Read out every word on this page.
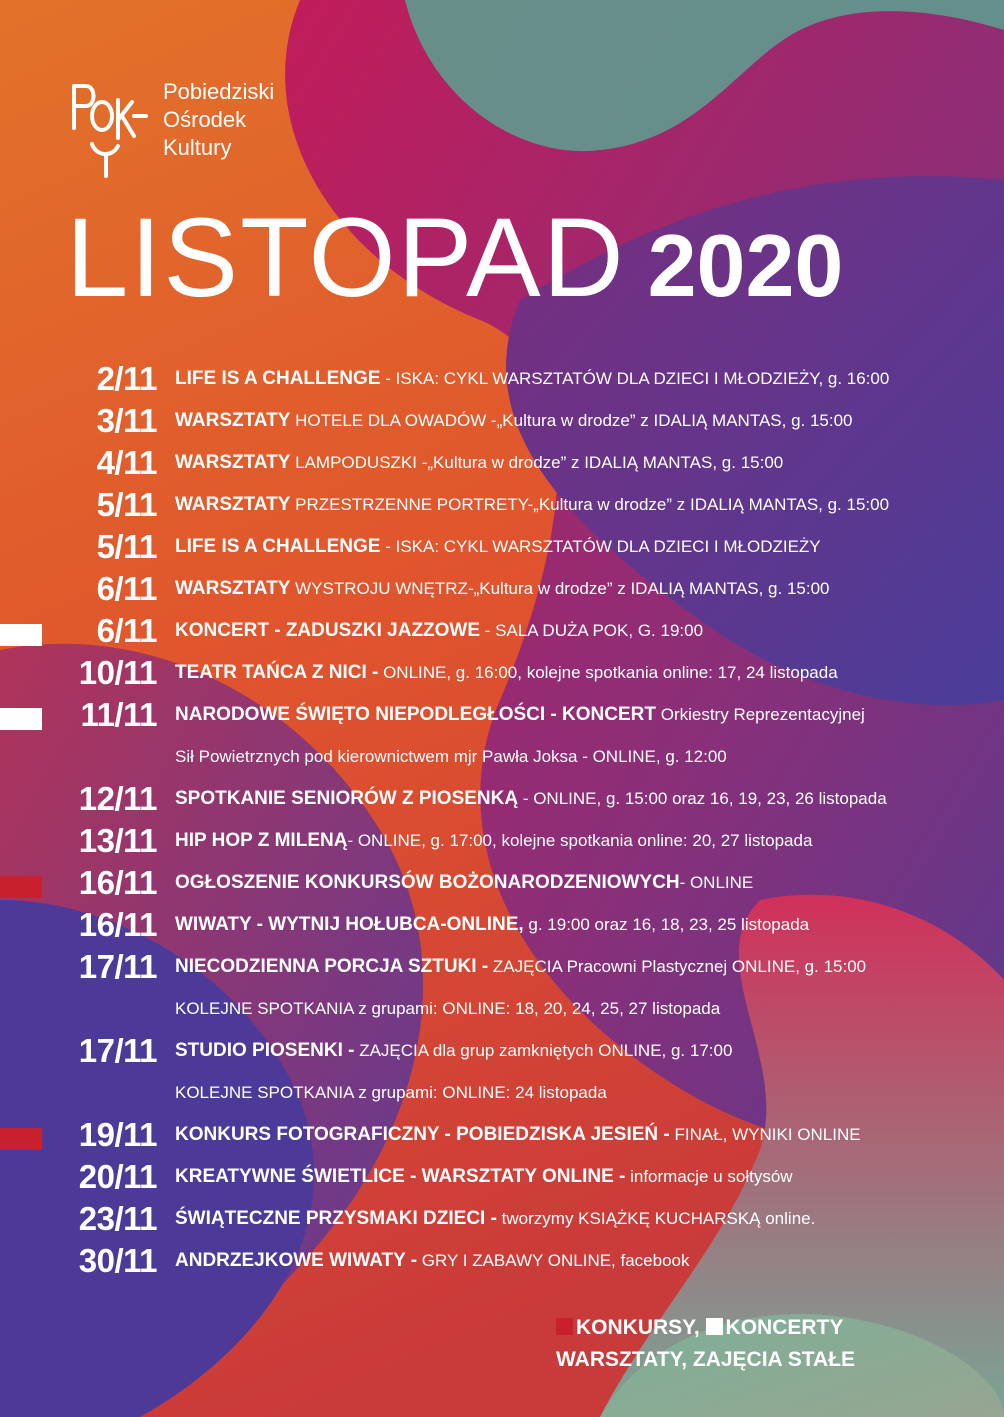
Pobiedziski
Ośrodek
Kultury
LISTOPAD 2020
2/11 LIFE IS A CHALLENGE - ISKA: CYKL WARSZTATÓW DLA DZIECI I MŁODZIEŻY, g. 16:00
3/11 WARSZTATY HOTELE DLA OWADÓW -„Kultura w drodze” z IDALIĄ MANTAS, g. 15:00
4/11 WARSZTATY LAMPODUSZKI -„Kultura w drodze” z IDALIĄ MANTAS, g. 15:00
5/11 WARSZTATY PRZESTRZENNE PORTRETY-„Kultura w drodze” z IDALIĄ MANTAS, g. 15:00
5/11 LIFE IS A CHALLENGE - ISKA: CYKL WARSZTATÓW DLA DZIECI I MŁODZIEŻY
6/11 WARSZTATY WYSTROJU WNĘTRZ-„Kultura w drodze” z IDALIĄ MANTAS, g. 15:00
6/11 KONCERT - ZADUSZKI JAZZOWE - SALA DUŻA POK, G. 19:00
10/11 TEATR TAŃCA Z NICI - ONLINE, g. 16:00, kolejne spotkania online: 17, 24 listopada
11/11 NARODOWE ŚWIĘTO NIEPODLEGŁOŚCI - KONCERT Orkiestry Reprezentacyjnej
Sił Powietrznych pod kierownictwem mjr Pawła Joksa - ONLINE, g. 12:00
12/11 SPOTKANIE SENIORÓW Z PIOSENKĄ - ONLINE, g. 15:00 oraz 16, 19, 23, 26 listopada
13/11 HIP HOP Z MILENĄ- ONLINE, g. 17:00, kolejne spotkania online: 20, 27 listopada
16/11 OGŁOSZENIE KONKURSÓW BOŻONARODZENIOWYCH- ONLINE
16/11 WIWATY - WYTNIJ HOŁUBCA-ONLINE, g. 19:00 oraz 16, 18, 23, 25 listopada
17/11 NIECODZIENNA PORCJA SZTUKI - ZAJĘCIA Pracowni Plastycznej ONLINE, g. 15:00
KOLEJNE SPOTKANIA z grupami: ONLINE: 18, 20, 24, 25, 27 listopada
17/11 STUDIO PIOSENKI - ZAJĘCIA dla grup zamkniętych ONLINE, g. 17:00
KOLEJNE SPOTKANIA z grupami: ONLINE: 24 listopada
19/11 KONKURS FOTOGRAFICZNY - POBIEDZISKA JESIEŃ - FINAŁ, WYNIKI ONLINE
20/11 KREATYWNE ŚWIETLICE - WARSZTATY ONLINE - informacje u sołtysów
23/11 ŚWIĄTECZNE PRZYSMAKI DZIECI - tworzymy KSIĄŻKĘ KUCHARSKĄ online.
30/11 ANDRZEJKOWE WIWATY - GRY I ZABAWY ONLINE, facebook
KONKURSY, KONCERTY
WARSZTATY, ZAJĘCIA STAŁE
